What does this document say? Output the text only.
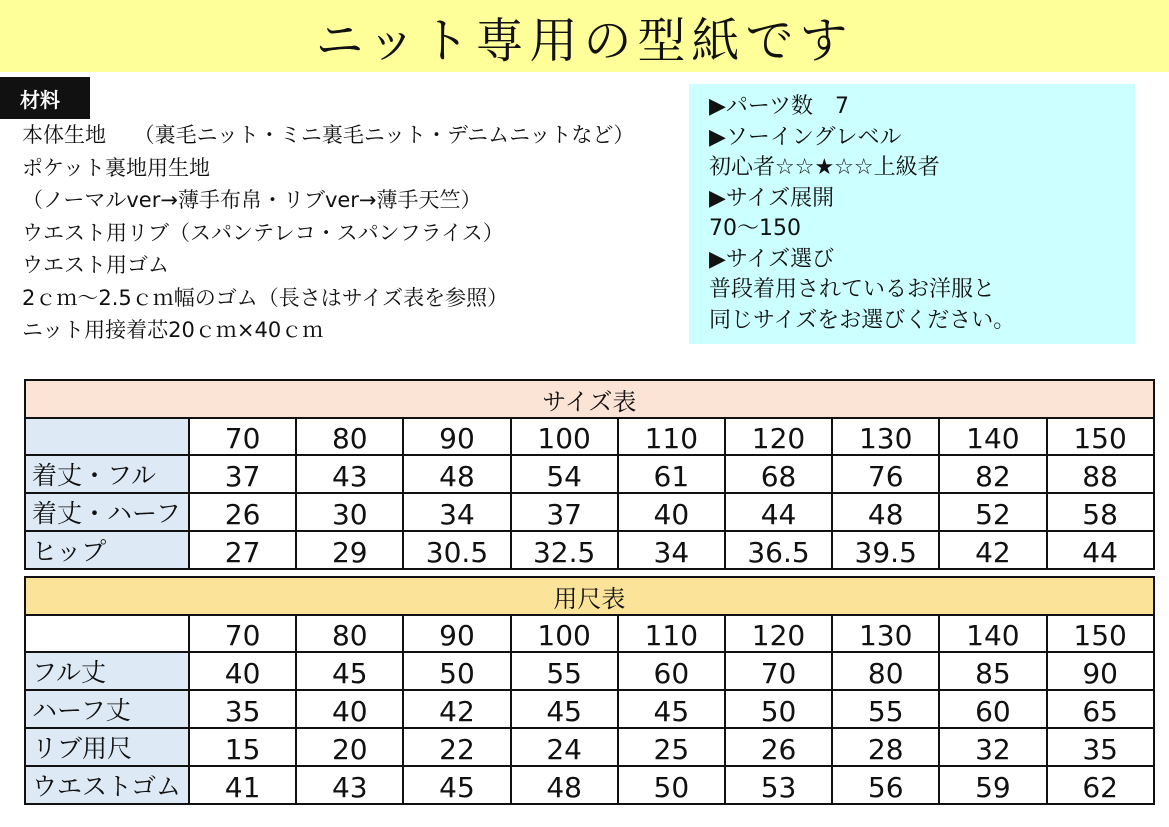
ニット専用の型紙です
材料
本体生地　 （裏毛ニット・ミニ裏毛ニット・デニムニットなど）
ポケット裏地用生地
（ノーマルver→薄手布帛・リブver→薄手天竺）
ウエスト用リブ（スパンテレコ・スパンフライス）
ウエスト用ゴム
2ｃｍ～2.5ｃｍ幅のゴム（長さはサイズ表を参照）
ニット用接着芯20ｃｍ×40ｃｍ
▶パーツ数　7
▶ソーイングレベル
初心者☆☆★☆☆上級者
▶サイズ展開
70～150
▶サイズ選び
普段着用されているお洋服と
同じサイズをお選びください。
サイズ表									
	70	80	90	100	110	120	130	140	150
着丈・フル	37	43	48	54	61	68	76	82	88
着丈・ハーフ	26	30	34	37	40	44	48	52	58
ヒップ	27	29	30.5	32.5	34	36.5	39.5	42	44
用尺表									
	70	80	90	100	110	120	130	140	150
フル丈	40	45	50	55	60	70	80	85	90
ハーフ丈	35	40	42	45	45	50	55	60	65
リブ用尺	15	20	22	24	25	26	28	32	35
ウエストゴム	41	43	45	48	50	53	56	59	62
